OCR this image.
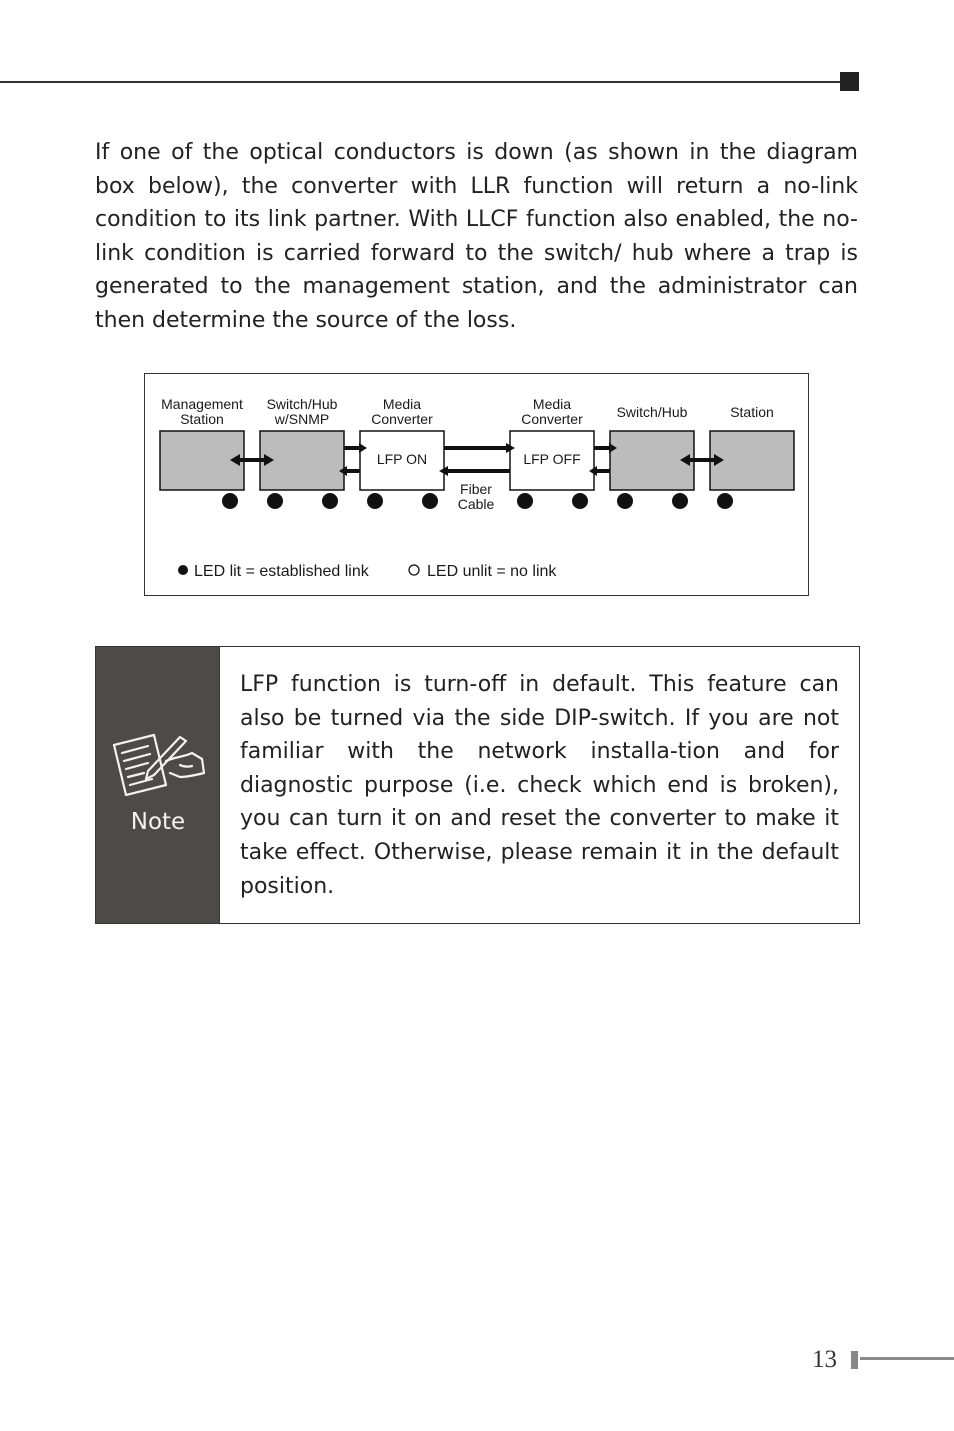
If one of the optical conductors is down (as shown in the diagram box below), the converter with LLR function will return a no-link condition to its link partner. With LLCF function also enabled, the no-link condition is carried forward to the switch/ hub where a trap is generated to the management station, and the administrator can then determine the source of the loss.

Management
Station
Switch/Hub
w/SNMP
Media
Converter
Media
Converter Switch/Hub	Station
LFP ON	LFP OFF
Fiber
Cable
LED lit = established link	LED unlit = no link
Note

LFP function is turn-off in default. This feature can also be turned via the side DIP-switch. If you are not familiar with the network installa-tion and for diagnostic purpose (i.e. check which end is broken), you can turn it on and reset the converter to make it take effect. Otherwise, please remain it in the default position.

13
